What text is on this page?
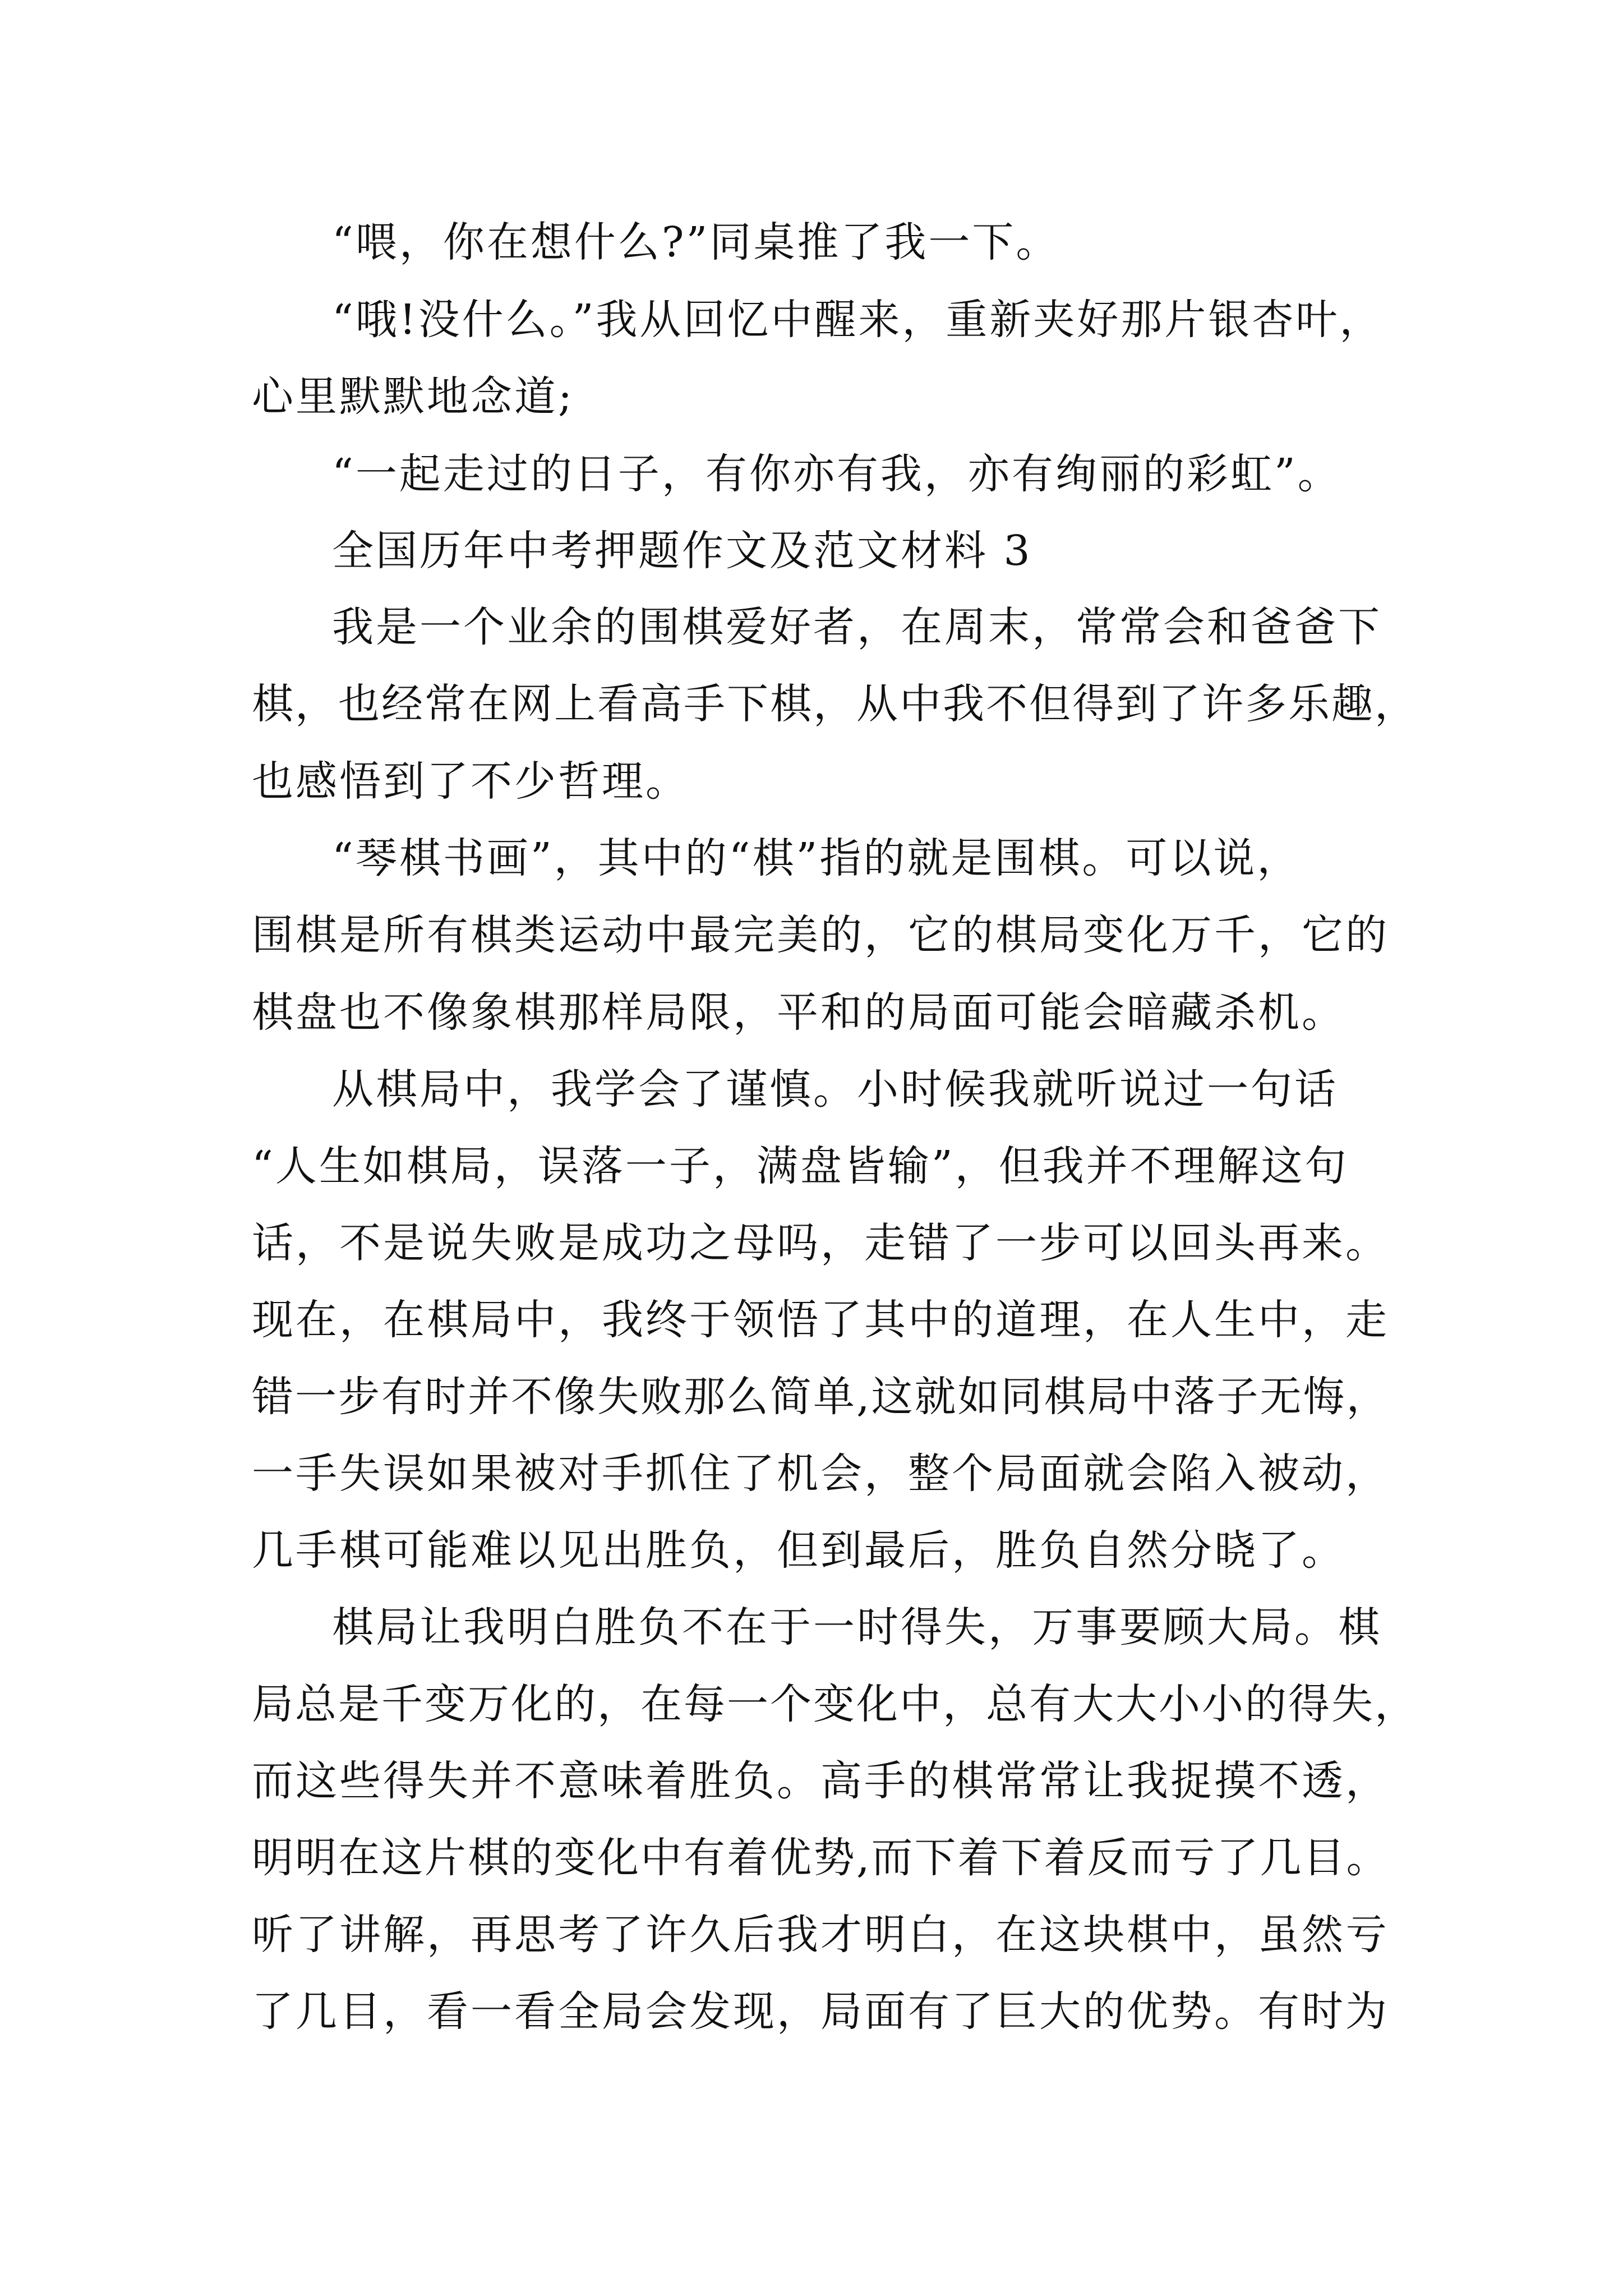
“喂，你在想什么?”同桌推了我一下。
“哦!没什么。”我从回忆中醒来，重新夹好那片银杏叶，
心里默默地念道;
“一起走过的日子，有你亦有我，亦有绚丽的彩虹”。
全国历年中考押题作文及范文材料 3
我是一个业余的围棋爱好者，在周末，常常会和爸爸下
棋，也经常在网上看高手下棋，从中我不但得到了许多乐趣，
也感悟到了不少哲理。
“琴棋书画”，其中的“棋”指的就是围棋。可以说，
围棋是所有棋类运动中最完美的，它的棋局变化万千，它的
棋盘也不像象棋那样局限，平和的局面可能会暗藏杀机。
从棋局中，我学会了谨慎。小时候我就听说过一句话
“人生如棋局，误落一子，满盘皆输”，但我并不理解这句
话，不是说失败是成功之母吗，走错了一步可以回头再来。
现在，在棋局中，我终于领悟了其中的道理，在人生中，走
错一步有时并不像失败那么简单,这就如同棋局中落子无悔，
一手失误如果被对手抓住了机会，整个局面就会陷入被动，
几手棋可能难以见出胜负，但到最后，胜负自然分晓了。
棋局让我明白胜负不在于一时得失，万事要顾大局。棋
局总是千变万化的，在每一个变化中，总有大大小小的得失，
而这些得失并不意味着胜负。高手的棋常常让我捉摸不透，
明明在这片棋的变化中有着优势,而下着下着反而亏了几目。
听了讲解，再思考了许久后我才明白，在这块棋中，虽然亏
了几目，看一看全局会发现，局面有了巨大的优势。有时为
